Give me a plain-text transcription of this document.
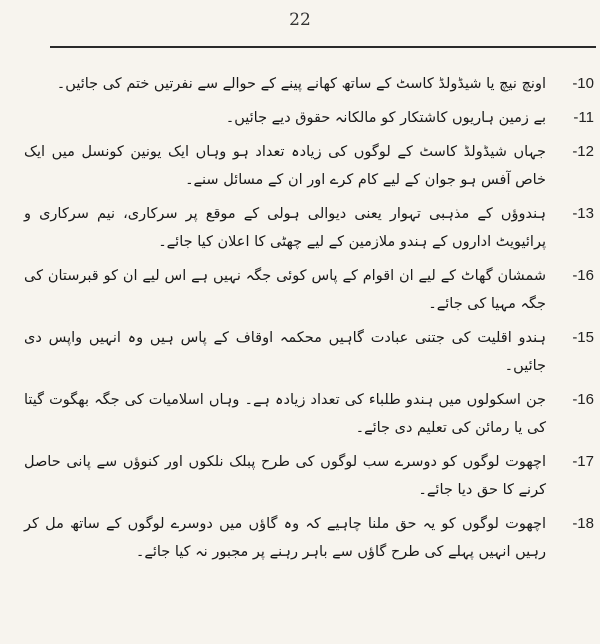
22
-10
اونچ نیچ یا شیڈولڈ کاسٹ کے ساتھ کھانے پینے کے حوالے سے نفرتیں ختم کی جائیں۔
-11
بے زمین ہاریوں کاشتکار کو مالکانہ حقوق دیے جائیں۔
-12
جہاں شیڈولڈ کاسٹ کے لوگوں کی زیادہ تعداد ہو وہاں ایک یونین کونسل میں ایک خاص آفس ہو جوان کے لیے کام کرے اور ان کے مسائل سنے۔
-13
ہندوؤں کے مذہبی تہوار یعنی دیوالی ہولی کے موقع پر سرکاری، نیم سرکاری و پرائیویٹ اداروں کے ہندو ملازمین کے لیے چھٹی کا اعلان کیا جائے۔
-16
شمشان گھاٹ کے لیے ان اقوام کے پاس کوئی جگہ نہیں ہے اس لیے ان کو قبرستان کی جگہ مہیا کی جائے۔
-15
ہندو اقلیت کی جتنی عبادت گاہیں محکمہ اوقاف کے پاس ہیں وہ انہیں واپس دی جائیں۔
-16
جن اسکولوں میں ہندو طلباء کی تعداد زیادہ ہے۔ وہاں اسلامیات کی جگہ بھگوت گیتا کی یا رمائن کی تعلیم دی جائے۔
-17
اچھوت لوگوں کو دوسرے سب لوگوں کی طرح پبلک نلکوں اور کنوؤں سے پانی حاصل کرنے کا حق دیا جائے۔
-18
اچھوت لوگوں کو یہ حق ملنا چاہیے کہ وہ گاؤں میں دوسرے لوگوں کے ساتھ مل کر رہیں انہیں پہلے کی طرح گاؤں سے باہر رہنے پر مجبور نہ کیا جائے۔
